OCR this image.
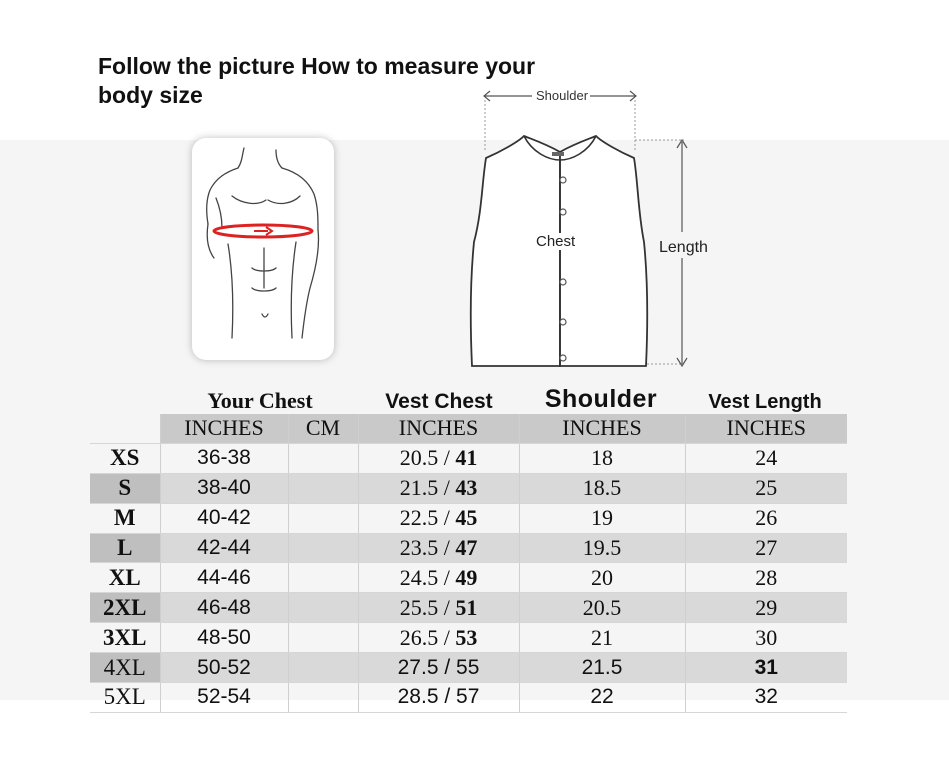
Follow the picture How to measure your body size	Shoulder
Chest	Length
Your Chest	Vest Chest	Shoulder	Vest Length
	INCHES	CM	INCHES	INCHES	INCHES
XS	36-38		20.5 / 41	18	24
S	38-40		21.5 / 43	18.5	25
M	40-42		22.5 / 45	19	26
L	42-44		23.5 / 47	19.5	27
XL	44-46		24.5 / 49	20	28
2XL	46-48		25.5 / 51	20.5	29
3XL	48-50		26.5 / 53	21	30
4XL	50-52		27.5 / 55	21.5	31
5XL	52-54		28.5 / 57	22	32
